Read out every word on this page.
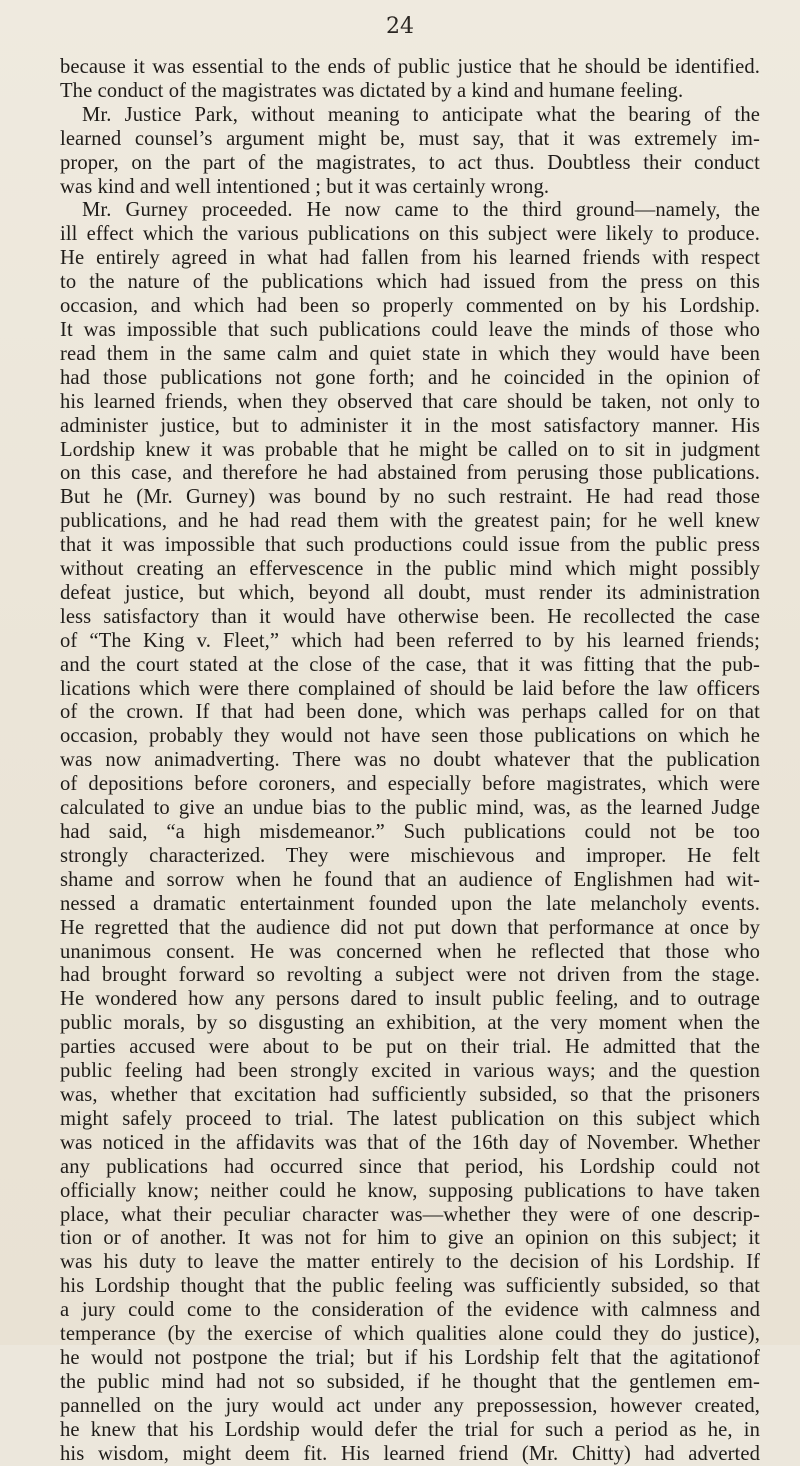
24
because it was essential to the ends of public justice that he should be identified.
The conduct of the magistrates was dictated by a kind and humane feeling.
Mr. Justice Park, without meaning to anticipate what the bearing of the
learned counsel’s argument might be, must say, that it was extremely im-
proper, on the part of the magistrates, to act thus. Doubtless their conduct
was kind and well intentioned ; but it was certainly wrong.
Mr. Gurney proceeded. He now came to the third ground—namely, the
ill effect which the various publications on this subject were likely to produce.
He entirely agreed in what had fallen from his learned friends with respect
to the nature of the publications which had issued from the press on this
occasion, and which had been so properly commented on by his Lordship.
It was impossible that such publications could leave the minds of those who
read them in the same calm and quiet state in which they would have been
had those publications not gone forth; and he coincided in the opinion of
his learned friends, when they observed that care should be taken, not only to
administer justice, but to administer it in the most satisfactory manner. His
Lordship knew it was probable that he might be called on to sit in judgment
on this case, and therefore he had abstained from perusing those publications.
But he (Mr. Gurney) was bound by no such restraint. He had read those
publications, and he had read them with the greatest pain; for he well knew
that it was impossible that such productions could issue from the public press
without creating an effervescence in the public mind which might possibly
defeat justice, but which, beyond all doubt, must render its administration
less satisfactory than it would have otherwise been. He recollected the case
of “The King v. Fleet,” which had been referred to by his learned friends;
and the court stated at the close of the case, that it was fitting that the pub-
lications which were there complained of should be laid before the law officers
of the crown. If that had been done, which was perhaps called for on that
occasion, probably they would not have seen those publications on which he
was now animadverting. There was no doubt whatever that the publication
of depositions before coroners, and especially before magistrates, which were
calculated to give an undue bias to the public mind, was, as the learned Judge
had said, “a high misdemeanor.” Such publications could not be too
strongly characterized. They were mischievous and improper. He felt
shame and sorrow when he found that an audience of Englishmen had wit-
nessed a dramatic entertainment founded upon the late melancholy events.
He regretted that the audience did not put down that performance at once by
unanimous consent. He was concerned when he reflected that those who
had brought forward so revolting a subject were not driven from the stage.
He wondered how any persons dared to insult public feeling, and to outrage
public morals, by so disgusting an exhibition, at the very moment when the
parties accused were about to be put on their trial. He admitted that the
public feeling had been strongly excited in various ways; and the question
was, whether that excitation had sufficiently subsided, so that the prisoners
might safely proceed to trial. The latest publication on this subject which
was noticed in the affidavits was that of the 16th day of November. Whether
any publications had occurred since that period, his Lordship could not
officially know; neither could he know, supposing publications to have taken
place, what their peculiar character was—whether they were of one descrip-
tion or of another. It was not for him to give an opinion on this subject; it
was his duty to leave the matter entirely to the decision of his Lordship. If
his Lordship thought that the public feeling was sufficiently subsided, so that
a jury could come to the consideration of the evidence with calmness and
temperance (by the exercise of which qualities alone could they do justice),
he would not postpone the trial; but if his Lordship felt that the agitationof
the public mind had not so subsided, if he thought that the gentlemen em-
pannelled on the jury would act under any prepossession, however created,
he knew that his Lordship would defer the trial for such a period as he, in
his wisdom, might deem fit. His learned friend (Mr. Chitty) had adverted
